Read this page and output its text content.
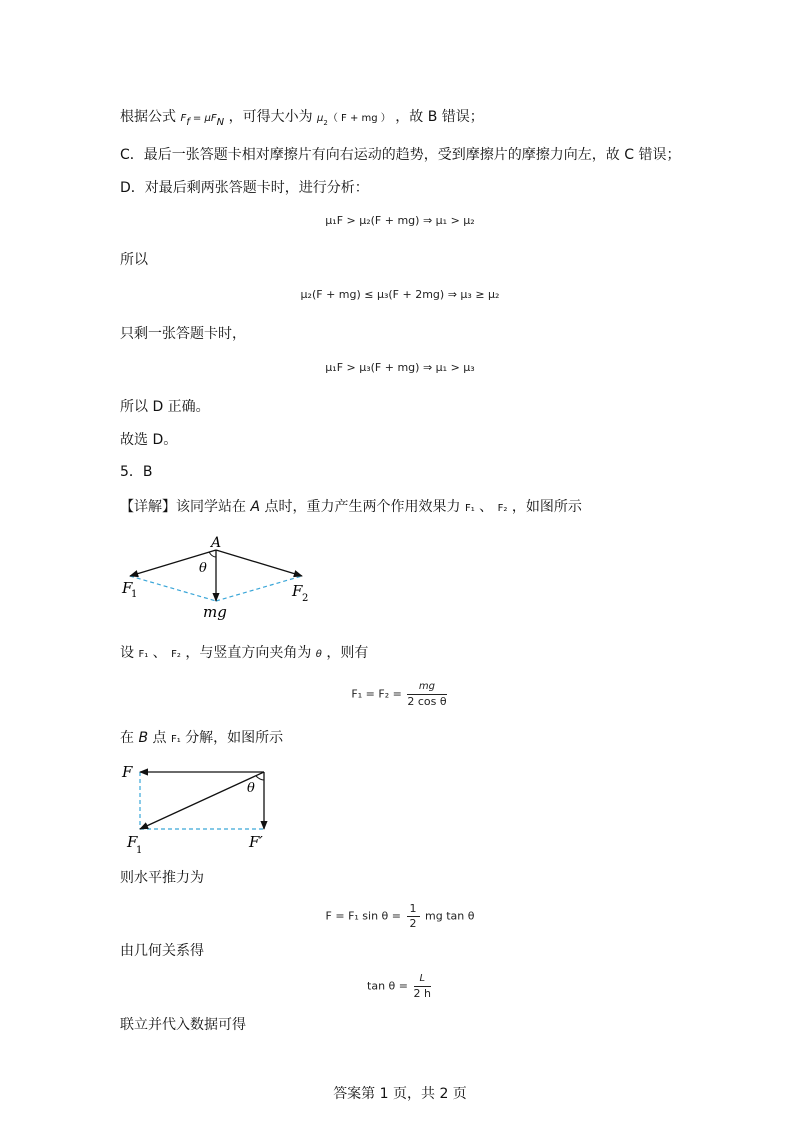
根据公式 $F_f = \mu F_N$ ，可得大小为 $\mu_2$（ F + mg ） ，故 B 错误；
C．最后一张答题卡相对摩擦片有向右运动的趋势，受到摩擦片的摩擦力向左，故 C 错误；
D．对最后剩两张答题卡时，进行分析：
μ₁F > μ₂(F + mg) ⇒ μ₁ > μ₂
所以
μ₂(F + mg) ≤ μ₃(F + 2mg) ⇒ μ₃ ≥ μ₂
只剩一张答题卡时，
μ₁F > μ₃(F + mg) ⇒ μ₁ > μ₃
所以 D 正确。
故选 D。
5．B
【详解】该同学站在 A 点时，重力产生两个作用效果力 F₁ 、 F₂ ，如图所示
A
θ
F
1	F 2
mg
设 F₁ 、 F₂ ，与竖直方向夹角为 θ ，则有
$F_1 = F_2 = \frac{mg}{\text{2 cos θ}}$
在 B 点 F₁ 分解，如图所示
F
θ
F
1	F′
则水平推力为
F = F₁ $\sin \theta = \frac{1}{2}$ mg tan θ
由几何关系得
$\tan \theta = \frac{L}{2 h}$
联立并代入数据可得
答案第 1 页，共 2 页
